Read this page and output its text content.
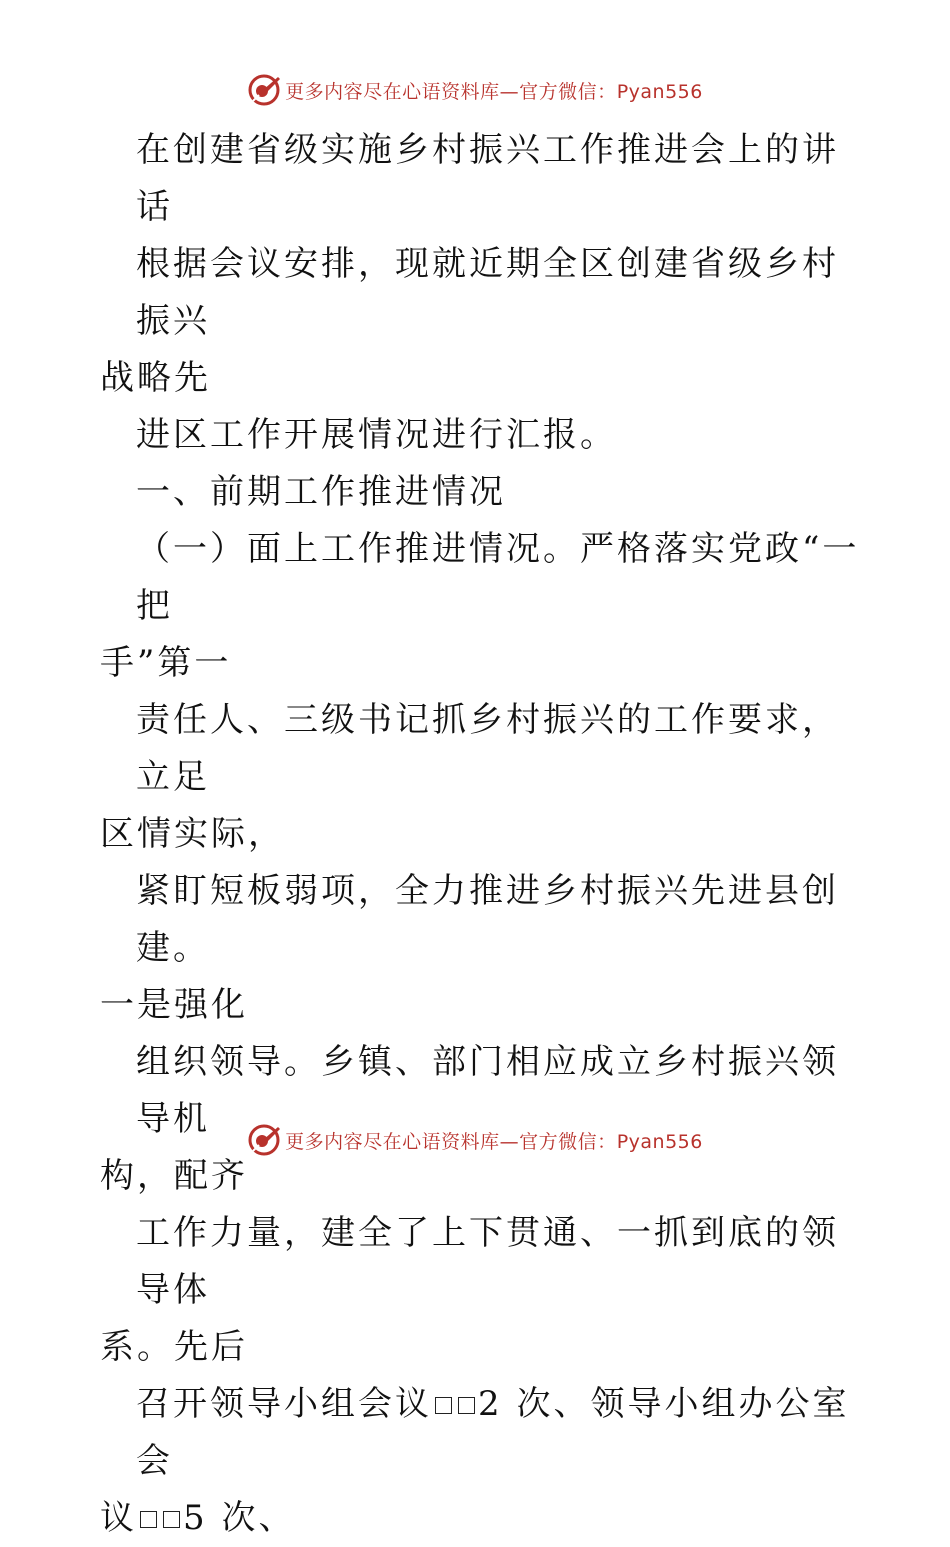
更多内容尽在心语资料库—官方微信：Pyan556

在创建省级实施乡村振兴工作推进会上的讲话

根据会议安排，现就近期全区创建省级乡村振兴

战略先

进区工作开展情况进行汇报。

一、前期工作推进情况

（一）面上工作推进情况。严格落实党政“一把

手”第一

责任人、三级书记抓乡村振兴的工作要求，立足

区情实际，

紧盯短板弱项，全力推进乡村振兴先进县创建。

一是强化

组织领导。乡镇、部门相应成立乡村振兴领导机

构，配齐

工作力量，建全了上下贯通、一抓到底的领导体

系。先后

召开领导小组会议 2 次、领导小组办公室会

议 5 次、

更多内容尽在心语资料库—官方微信：Pyan556
